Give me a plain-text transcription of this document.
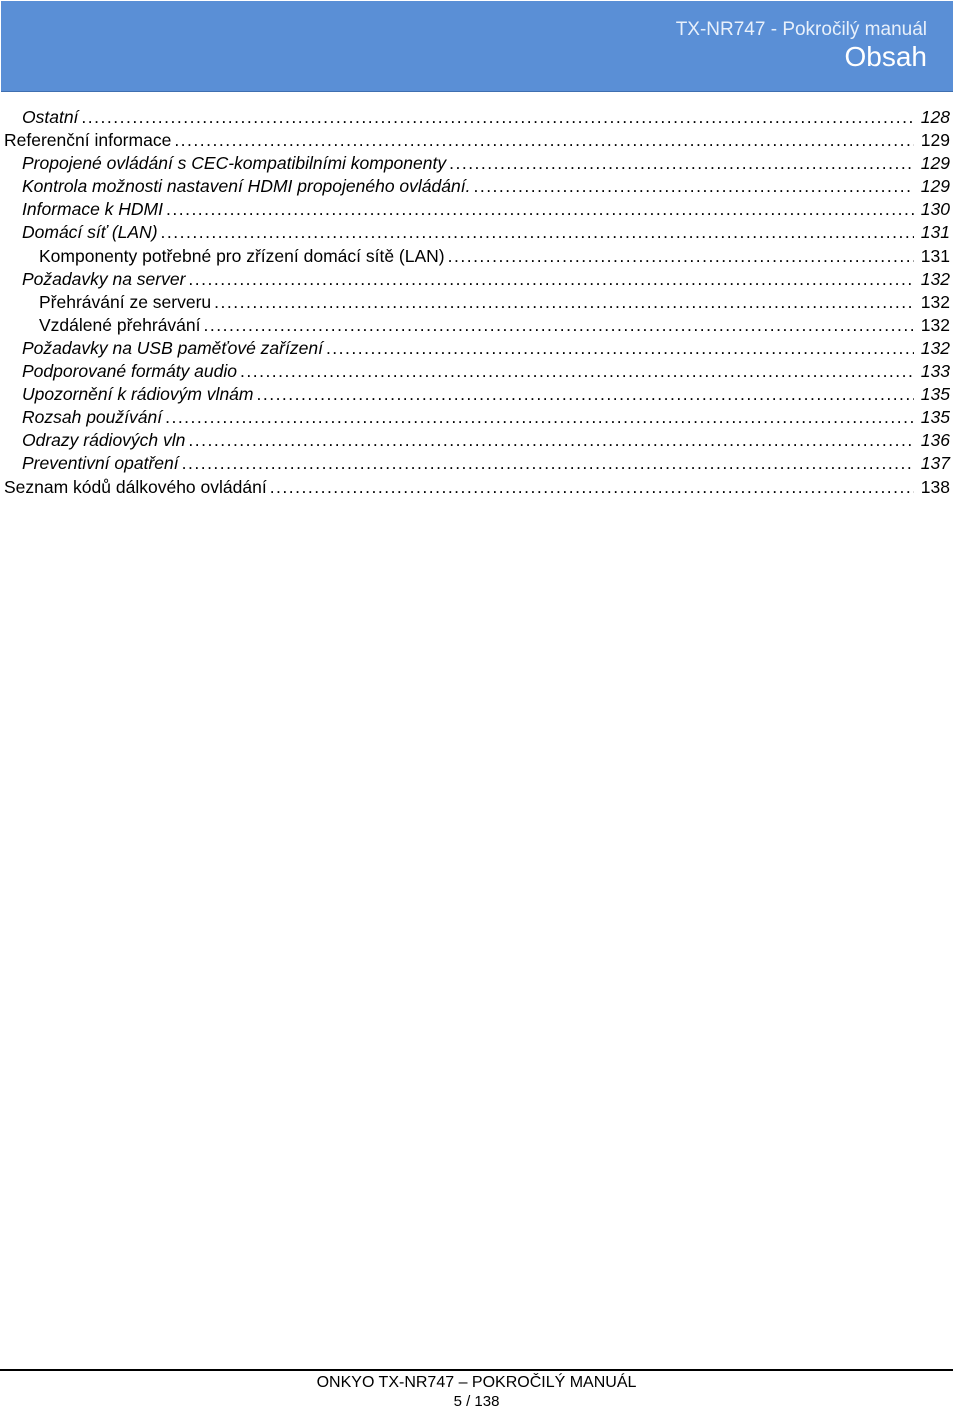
TX-NR747 - Pokročilý manuál
Obsah
Ostatní .....	128
Referenční informace .....	129
Propojené ovládání s CEC-kompatibilními komponenty .....	129
Kontrola možnosti nastavení HDMI propojeného ovládání. .....	129
Informace k HDMI .....	130
Domácí síť (LAN) .....	131
Komponenty potřebné pro zřízení domácí sítě (LAN) .....	131
Požadavky na server .....	132
Přehrávání ze serveru .....	132
Vzdálené přehrávání .....	132
Požadavky na USB paměťové zařízení .....	132
Podporované formáty audio .....	133
Upozornění k rádiovým vlnám .....	135
Rozsah používání .....	135
Odrazy rádiových vln .....	136
Preventivní opatření .....	137
Seznam kódů dálkového ovládání .....	138
ONKYO TX-NR747 – POKROČILÝ MANUÁL
5 / 138
